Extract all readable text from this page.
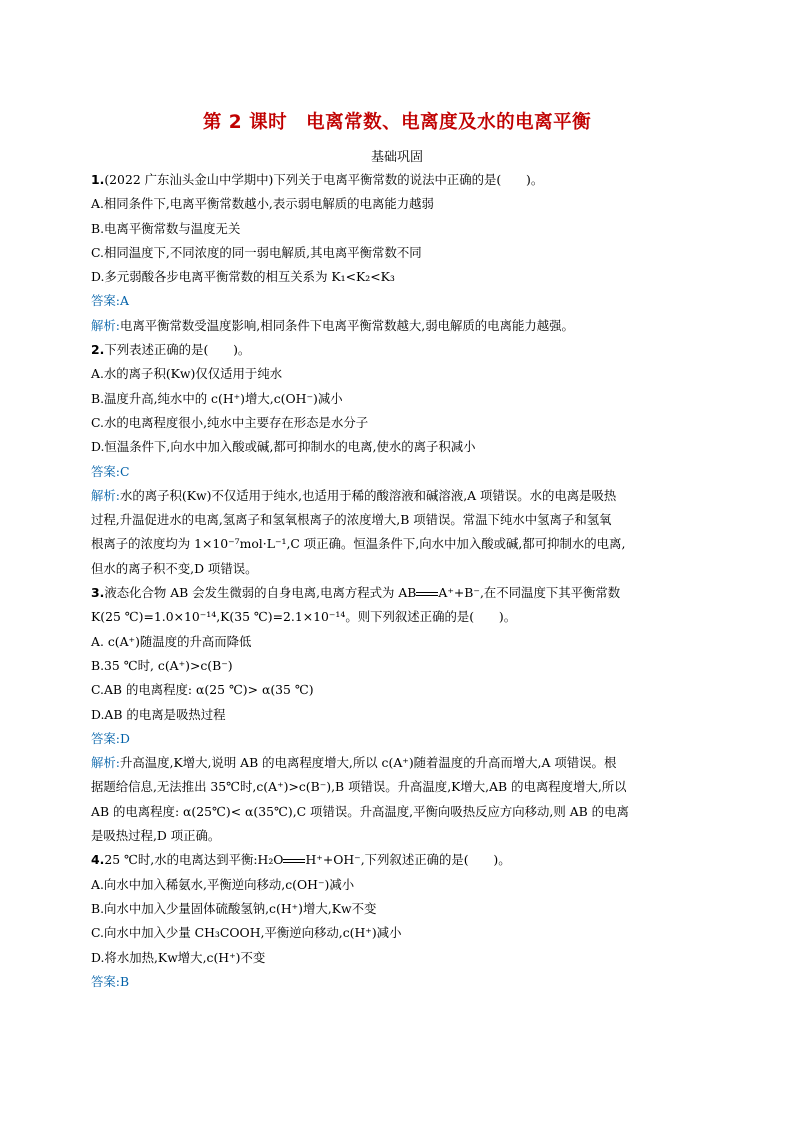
第 2 课时　电离常数、电离度及水的电离平衡
基础巩固
1.(2022 广东汕头金山中学期中)下列关于电离平衡常数的说法中正确的是(　　)。
A.相同条件下,电离平衡常数越小,表示弱电解质的电离能力越弱
B.电离平衡常数与温度无关
C.相同温度下,不同浓度的同一弱电解质,其电离平衡常数不同
D.多元弱酸各步电离平衡常数的相互关系为 K₁<K₂<K₃
答案:A
解析:电离平衡常数受温度影响,相同条件下电离平衡常数越大,弱电解质的电离能力越强。
2.下列表述正确的是(　　)。
A.水的离子积(Kw)仅仅适用于纯水
B.温度升高,纯水中的 c(H⁺)增大,c(OH⁻)减小
C.水的电离程度很小,纯水中主要存在形态是水分子
D.恒温条件下,向水中加入酸或碱,都可抑制水的电离,使水的离子积减小
答案:C
解析:水的离子积(Kw)不仅适用于纯水,也适用于稀的酸溶液和碱溶液,A 项错误。水的电离是吸热
过程,升温促进水的电离,氢离子和氢氧根离子的浓度增大,B 项错误。常温下纯水中氢离子和氢氧
根离子的浓度均为 1×10⁻⁷mol·L⁻¹,C 项正确。恒温条件下,向水中加入酸或碱,都可抑制水的电离,
但水的离子积不变,D 项错误。
3.液态化合物 AB 会发生微弱的自身电离,电离方程式为 AB A⁺+B⁻,在不同温度下其平衡常数
K(25 ℃)=1.0×10⁻¹⁴,K(35 ℃)=2.1×10⁻¹⁴。则下列叙述正确的是(　　)。
A. c(A⁺)随温度的升高而降低
B.35 ℃时, c(A⁺)>c(B⁻)
C.AB 的电离程度: α(25 ℃)> α(35 ℃)
D.AB 的电离是吸热过程
答案:D
解析:升高温度,K增大,说明 AB 的电离程度增大,所以 c(A⁺)随着温度的升高而增大,A 项错误。根
据题给信息,无法推出 35℃时,c(A⁺)>c(B⁻),B 项错误。升高温度,K增大,AB 的电离程度增大,所以
AB 的电离程度: α(25℃)< α(35℃),C 项错误。升高温度,平衡向吸热反应方向移动,则 AB 的电离
是吸热过程,D 项正确。
4.25 ℃时,水的电离达到平衡:H₂O H⁺+OH⁻,下列叙述正确的是(　　)。
A.向水中加入稀氨水,平衡逆向移动,c(OH⁻)减小
B.向水中加入少量固体硫酸氢钠,c(H⁺)增大,Kw不变
C.向水中加入少量 CH₃COOH,平衡逆向移动,c(H⁺)减小
D.将水加热,Kw增大,c(H⁺)不变
答案:B
